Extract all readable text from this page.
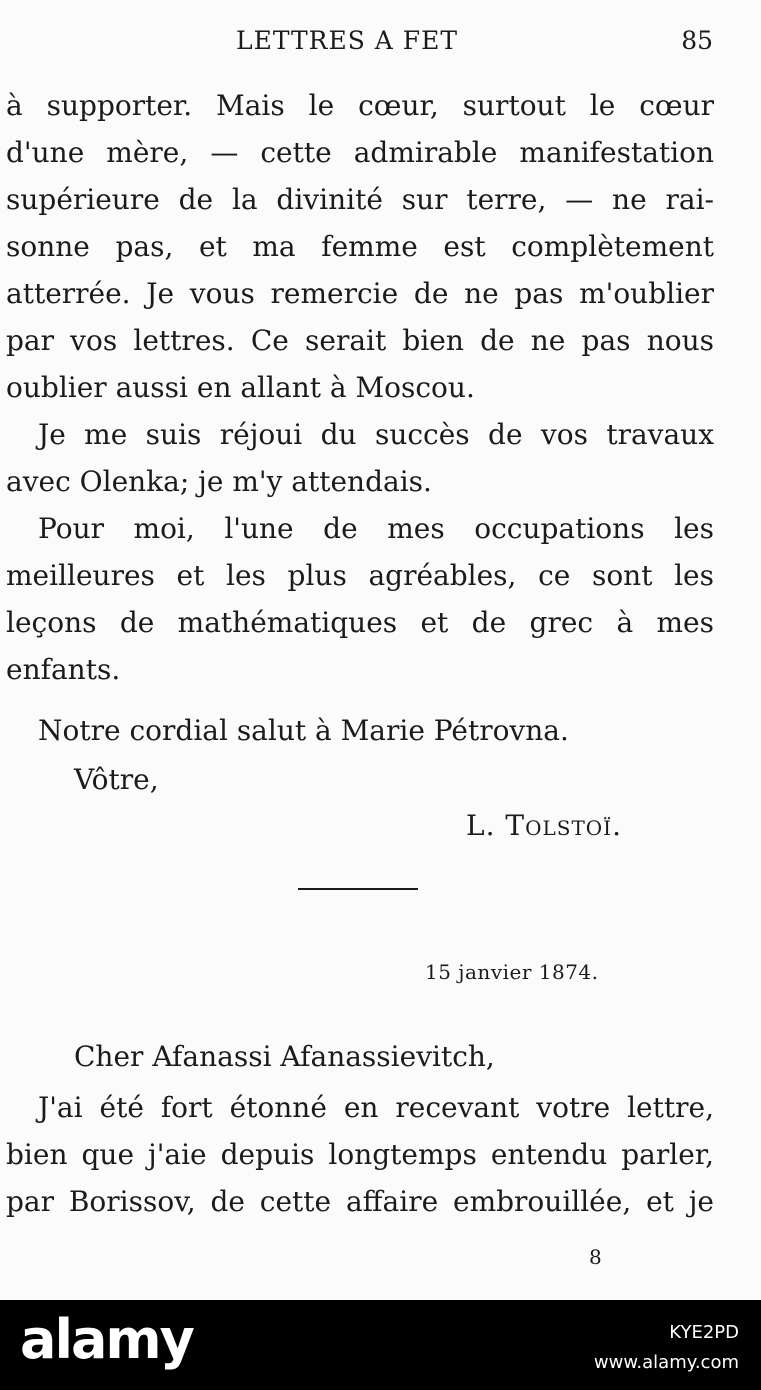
LETTRES A FET	85
à supporter. Mais le cœur, surtout le cœur
d'une mère, — cette admirable manifestation
supérieure de la divinité sur terre, — ne rai-
sonne pas, et ma femme est complètement
atterrée. Je vous remercie de ne pas m'oublier
par vos lettres. Ce serait bien de ne pas nous
oublier aussi en allant à Moscou.
Je me suis réjoui du succès de vos travaux
avec Olenka; je m'y attendais.
Pour moi, l'une de mes occupations les
meilleures et les plus agréables, ce sont les
leçons de mathématiques et de grec à mes
enfants.
Notre cordial salut à Marie Pétrovna.
Vôtre,
L. Tolstoï.
15 janvier 1874.
Cher Afanassi Afanassievitch,
J'ai été fort étonné en recevant votre lettre,
bien que j'aie depuis longtemps entendu parler,
par Borissov, de cette affaire embrouillée, et je
8
alamy	KYE2PD
www.alamy.com
